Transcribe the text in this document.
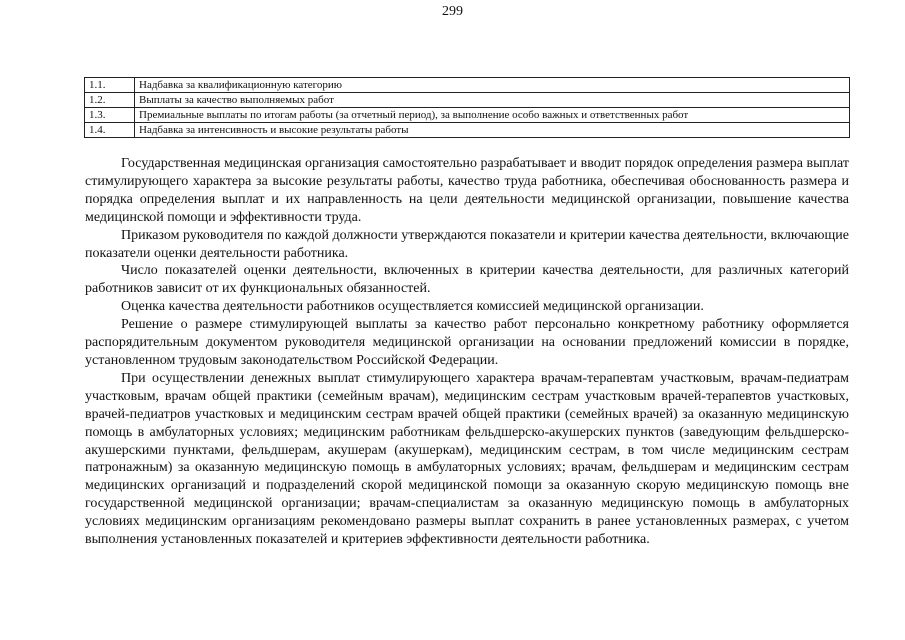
299
1.1.	Надбавка за квалификационную категорию
1.2.	Выплаты за качество выполняемых работ
1.3.	Премиальные выплаты по итогам работы (за отчетный период), за выполнение особо важных и ответственных работ
1.4.	Надбавка за интенсивность и высокие результаты работы

Государственная медицинская организация самостоятельно разрабатывает и вводит порядок определения размера выплат стимулирующего характера за высокие результаты работы, качество труда работника, обеспечивая обоснованность размера и порядка определения выплат и их направленность на цели деятельности медицинской организации, повышение качества медицинской помощи и эффективности труда.

Приказом руководителя по каждой должности утверждаются показатели и критерии качества деятельности, включающие показатели оценки деятельности работника.

Число показателей оценки деятельности, включенных в критерии качества деятельности, для различных категорий работников зависит от их функциональных обязанностей.

Оценка качества деятельности работников осуществляется комиссией медицинской организации.

Решение о размере стимулирующей выплаты за качество работ персонально конкретному работнику оформляется распорядительным документом руководителя медицинской организации на основании предложений комиссии в порядке, установленном трудовым законодательством Российской Федерации.

При осуществлении денежных выплат стимулирующего характера врачам-терапевтам участковым, врачам-педиатрам участковым, врачам общей практики (семейным врачам), медицинским сестрам участковым врачей-терапевтов участковых, врачей-педиатров участковых и медицинским сестрам врачей общей практики (семейных врачей) за оказанную медицинскую помощь в амбулаторных условиях; медицинским работникам фельдшерско-акушерских пунктов (заведующим фельдшерско-акушерскими пунктами, фельдшерам, акушерам (акушеркам), медицинским сестрам, в том числе медицинским сестрам патронажным) за оказанную медицинскую помощь в амбулаторных условиях; врачам, фельдшерам и медицинским сестрам медицинских организаций и подразделений скорой медицинской помощи за оказанную скорую медицинскую помощь вне государственной медицинской организации; врачам-специалистам за оказанную медицинскую помощь в амбулаторных условиях медицинским организациям рекомендовано размеры выплат сохранить в ранее установленных размерах, с учетом выполнения установленных показателей и критериев эффективности деятельности работника.
